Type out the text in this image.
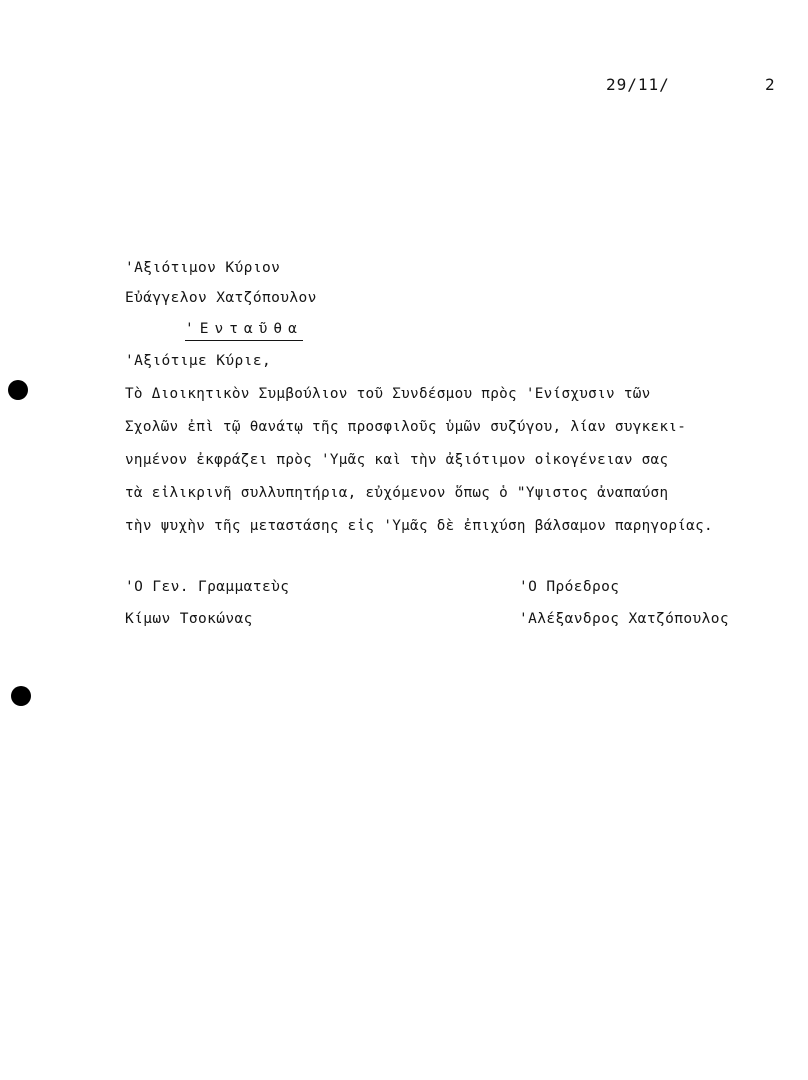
29/11/	2
'Αξιότιμον Κύριον
Εὐάγγελον Χατζόπουλον
'Ενταῦθα
'Αξιότιμε Κύριε,
Τὸ Διοικητικὸν Συμβούλιον τοῦ Συνδέσμου πρὸς 'Ενίσχυσιν τῶν
Σχολῶν ἐπὶ τῷ θανάτῳ τῆς προσφιλοῦς ὑμῶν συζύγου, λίαν συγκεκι-
νημένον ἐκφράζει πρὸς 'Υμᾶς καὶ τὴν ἀξιότιμον οἰκογένειαν σας
τὰ εἰλικρινῆ συλλυπητήρια, εὐχόμενον ὅπως ὁ "Υψιστος ἀναπαύση
τὴν ψυχὴν τῆς μεταστάσης εἰς 'Υμᾶς δὲ ἐπιχύση βάλσαμον παρηγορίας.
'Ο Γεν. Γραμματεὺς
Κίμων Τσοκώνας
'Ο Πρόεδρος
'Αλέξανδρος Χατζόπουλος
